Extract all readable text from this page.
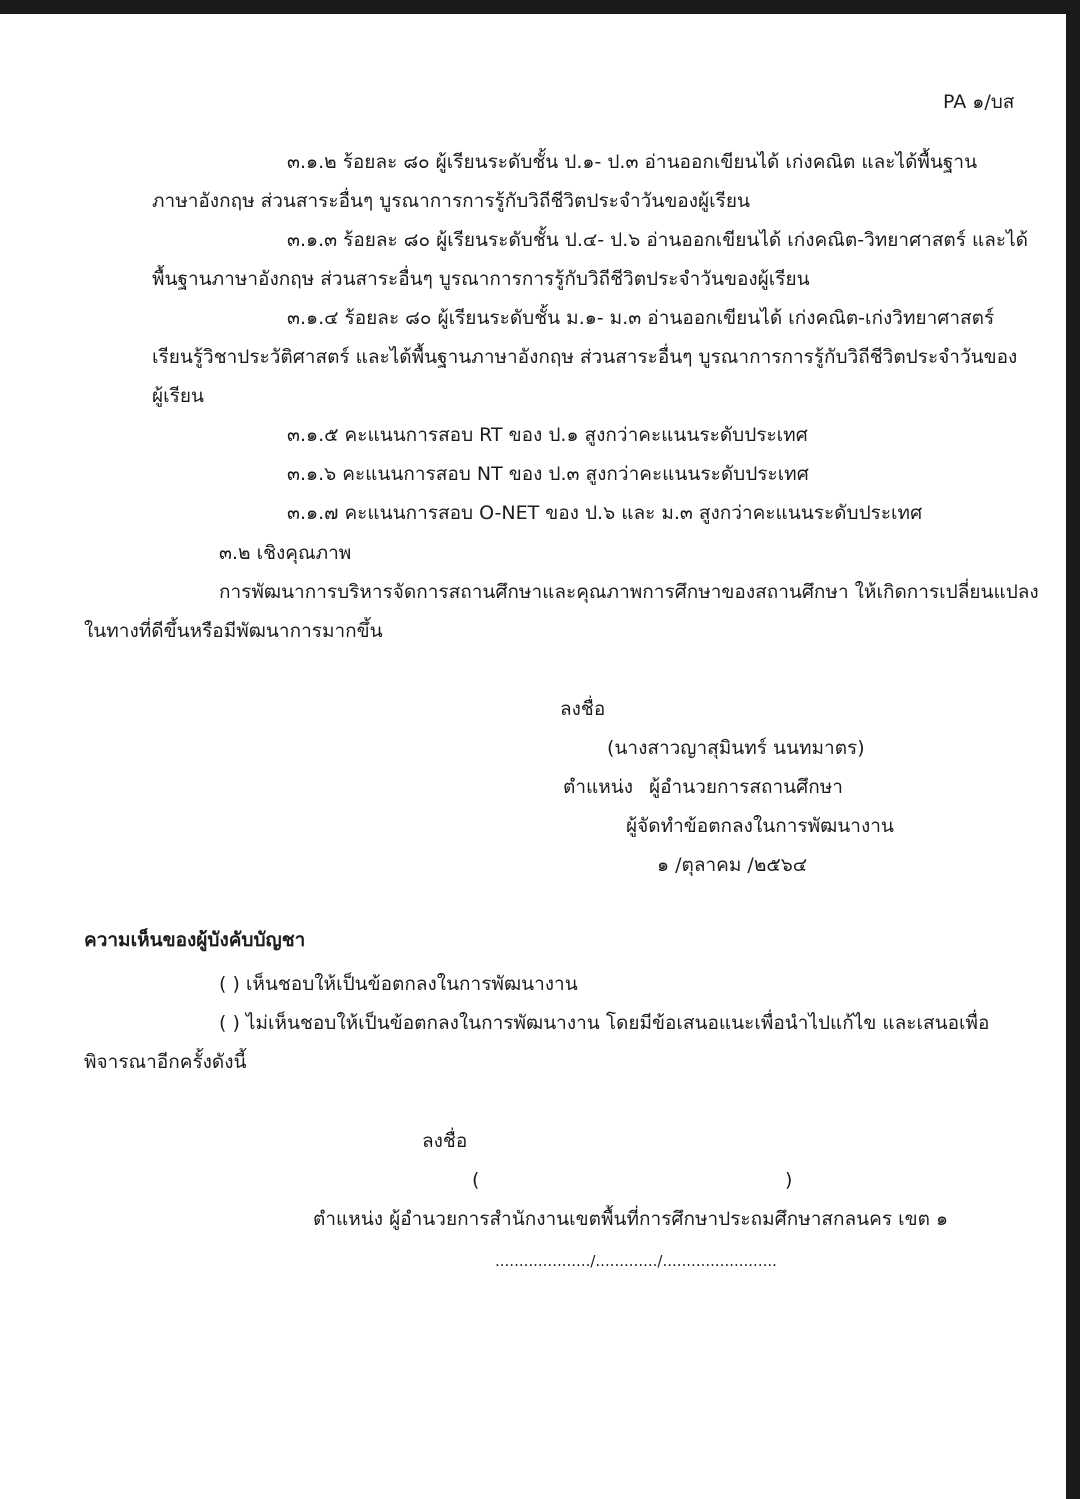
PA ๑/บส
๓.๑.๒ ร้อยละ ๘๐ ผู้เรียนระดับชั้น ป.๑- ป.๓ อ่านออกเขียนได้ เก่งคณิต และได้พื้นฐาน
ภาษาอังกฤษ ส่วนสาระอื่นๆ บูรณาการการรู้กับวิถีชีวิตประจำวันของผู้เรียน
๓.๑.๓ ร้อยละ ๘๐ ผู้เรียนระดับชั้น ป.๔- ป.๖ อ่านออกเขียนได้ เก่งคณิต-วิทยาศาสตร์ และได้
พื้นฐานภาษาอังกฤษ ส่วนสาระอื่นๆ บูรณาการการรู้กับวิถีชีวิตประจำวันของผู้เรียน
๓.๑.๔ ร้อยละ ๘๐ ผู้เรียนระดับชั้น ม.๑- ม.๓ อ่านออกเขียนได้ เก่งคณิต-เก่งวิทยาศาสตร์
เรียนรู้วิชาประวัติศาสตร์ และได้พื้นฐานภาษาอังกฤษ ส่วนสาระอื่นๆ บูรณาการการรู้กับวิถีชีวิตประจำวันของ
ผู้เรียน
๓.๑.๕ คะแนนการสอบ RT ของ ป.๑ สูงกว่าคะแนนระดับประเทศ
๓.๑.๖ คะแนนการสอบ NT ของ ป.๓ สูงกว่าคะแนนระดับประเทศ
๓.๑.๗ คะแนนการสอบ O-NET ของ ป.๖ และ ม.๓ สูงกว่าคะแนนระดับประเทศ
๓.๒ เชิงคุณภาพ
การพัฒนาการบริหารจัดการสถานศึกษาและคุณภาพการศึกษาของสถานศึกษา ให้เกิดการเปลี่ยนแปลง
ในทางที่ดีขึ้นหรือมีพัฒนาการมากขึ้น
ลงชื่อ
(นางสาวญาสุมินทร์ นนทมาตร)
ตำแหน่ง ผู้อำนวยการสถานศึกษา
ผู้จัดทำข้อตกลงในการพัฒนางาน
๑ /ตุลาคม /๒๕๖๔
ความเห็นของผู้บังคับบัญชา
( ) เห็นชอบให้เป็นข้อตกลงในการพัฒนางาน
( ) ไม่เห็นชอบให้เป็นข้อตกลงในการพัฒนางาน โดยมีข้อเสนอแนะเพื่อนำไปแก้ไข และเสนอเพื่อ
พิจารณาอีกครั้งดังนี้
ลงชื่อ
(	)
ตำแหน่ง ผู้อำนวยการสำนักงานเขตพื้นที่การศึกษาประถมศึกษาสกลนคร เขต ๑
..................../............./........................
